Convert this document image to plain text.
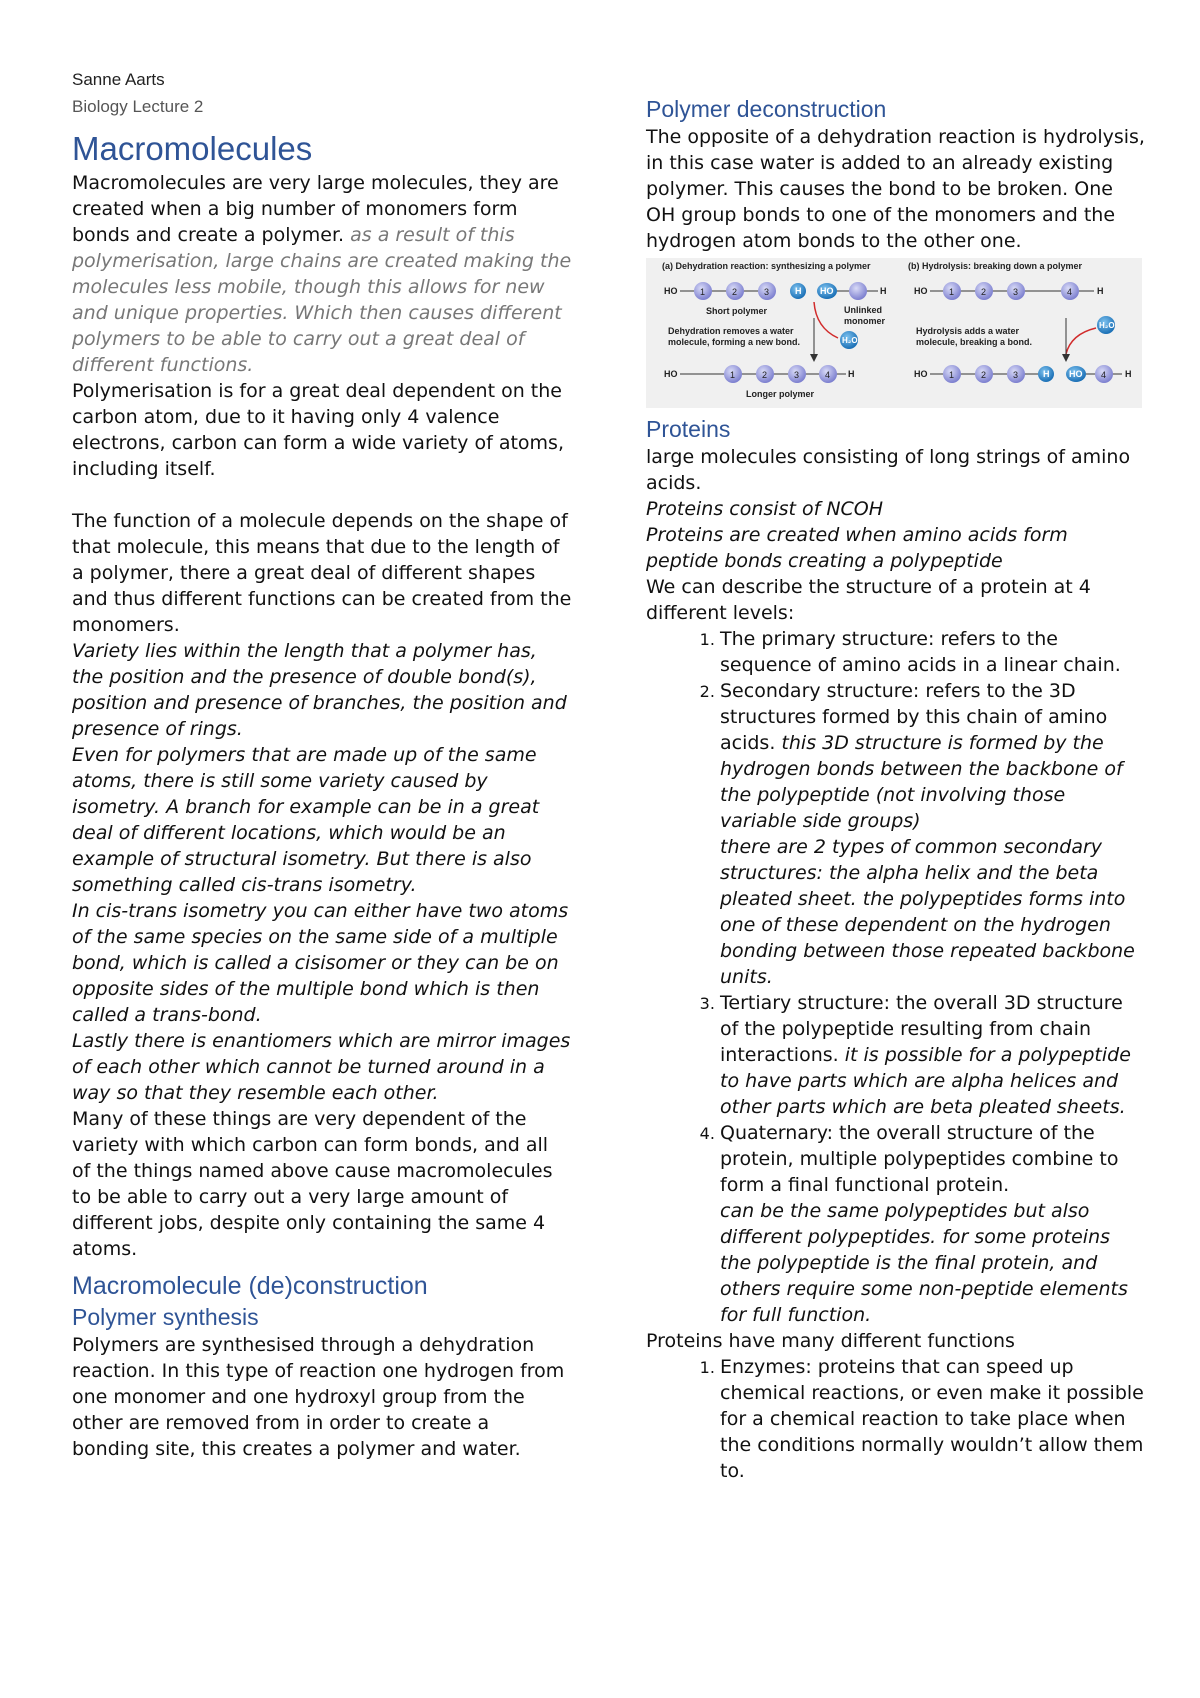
Sanne Aarts
Biology Lecture 2
Macromolecules

Macromolecules are very large molecules, they are created when a big number of monomers form bonds and create a polymer. as a result of this polymerisation, large chains are created making the molecules less mobile, though this allows for new and unique properties. Which then causes different polymers to be able to carry out a great deal of different functions.

Polymerisation is for a great deal dependent on the carbon atom, due to it having only 4 valence electrons, carbon can form a wide variety of atoms, including itself.

The function of a molecule depends on the shape of that molecule, this means that due to the length of a polymer, there a great deal of different shapes and thus different functions can be created from the monomers.

Variety lies within the length that a polymer has, the position and the presence of double bond(s), position and presence of branches, the position and presence of rings.

Even for polymers that are made up of the same atoms, there is still some variety caused by isometry. A branch for example can be in a great deal of different locations, which would be an example of structural isometry. But there is also something called cis-trans isometry.

In cis-trans isometry you can either have two atoms of the same species on the same side of a multiple bond, which is called a cisisomer or they can be on opposite sides of the multiple bond which is then called a trans-bond.

Lastly there is enantiomers which are mirror images of each other which cannot be turned around in a way so that they resemble each other.

Many of these things are very dependent of the variety with which carbon can form bonds, and all of the things named above cause macromolecules to be able to carry out a very large amount of different jobs, despite only containing the same 4 atoms.

Macromolecule (de)construction
Polymer synthesis

Polymers are synthesised through a dehydration reaction. In this type of reaction one hydrogen from one monomer and one hydroxyl group from the other are removed from in order to create a bonding site, this creates a polymer and water.

Polymer deconstruction

The opposite of a dehydration reaction is hydrolysis, in this case water is added to an already existing polymer. This causes the bond to be broken. One OH group bonds to one of the monomers and the hydrogen atom bonds to the other one.

(a) Dehydration reaction: synthesizing a polymer
HO	1	2	3	H HO	H
Short polymer	Unlinked
monomer
Dehydration removes a water
molecule, forming a new bond.	H₂O
HO	1	2	3	4 H
Longer polymer
(b) Hydrolysis: breaking down a polymer
HO 1	2	3	4	H
Hydrolysis adds a water
molecule, breaking a bond.
H₂O
HO 1	2	3	H HO 4 H
Proteins

large molecules consisting of long strings of amino acids.

Proteins consist of NCOH

Proteins are created when amino acids form peptide bonds creating a polypeptide

We can describe the structure of a protein at 4 different levels:

1. The primary structure: refers to the sequence of amino acids in a linear chain.
2. Secondary structure: refers to the 3D structures formed by this chain of amino acids. this 3D structure is formed by the hydrogen bonds between the backbone of the polypeptide (not involving those variable side groups)
there are 2 types of common secondary structures: the alpha helix and the beta pleated sheet. the polypeptides forms into one of these dependent on the hydrogen bonding between those repeated backbone units.
3. Tertiary structure: the overall 3D structure of the polypeptide resulting from chain interactions. it is possible for a polypeptide to have parts which are alpha helices and other parts which are beta pleated sheets.
4. Quaternary: the overall structure of the protein, multiple polypeptides combine to form a final functional protein.
can be the same polypeptides but also different polypeptides. for some proteins the polypeptide is the final protein, and others require some non-peptide elements for full function.

Proteins have many different functions

1. Enzymes: proteins that can speed up chemical reactions, or even make it possible for a chemical reaction to take place when the conditions normally wouldn’t allow them to.
